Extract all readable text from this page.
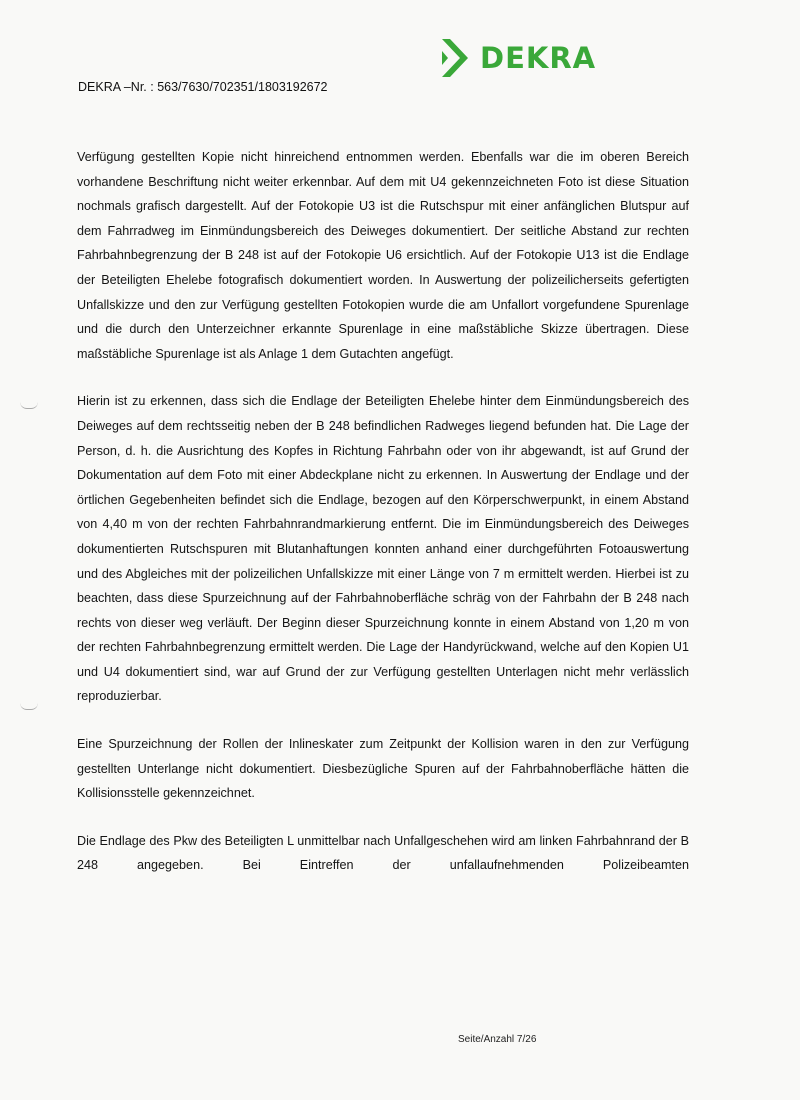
DEKRA
DEKRA –Nr. : 563/7630/702351/1803192672

Verfügung gestellten Kopie nicht hinreichend entnommen werden. Ebenfalls war die im oberen Bereich vorhandene Beschriftung nicht weiter erkennbar. Auf dem mit U4 gekennzeichneten Foto ist diese Situation nochmals grafisch dargestellt. Auf der Fotokopie U3 ist die Rutschspur mit einer anfänglichen Blutspur auf dem Fahrradweg im Einmündungsbereich des Deiweges dokumentiert. Der seitliche Abstand zur rechten Fahrbahnbegrenzung der B 248 ist auf der Fotokopie U6 ersichtlich. Auf der Fotokopie U13 ist die Endlage der Beteiligten Ehelebe fotografisch dokumentiert worden. In Auswertung der polizeilicherseits gefertigten Unfallskizze und den zur Verfügung gestellten Fotokopien wurde die am Unfallort vorgefundene Spurenlage und die durch den Unterzeichner erkannte Spurenlage in eine maßstäbliche Skizze übertragen. Diese maßstäbliche Spurenlage ist als Anlage 1 dem Gutachten angefügt.

Hierin ist zu erkennen, dass sich die Endlage der Beteiligten Ehelebe hinter dem Einmündungsbereich des Deiweges auf dem rechtsseitig neben der B 248 befindlichen Radweges liegend befunden hat. Die Lage der Person, d. h. die Ausrichtung des Kopfes in Richtung Fahrbahn oder von ihr abgewandt, ist auf Grund der Dokumentation auf dem Foto mit einer Abdeckplane nicht zu erkennen. In Auswertung der Endlage und der örtlichen Gegebenheiten befindet sich die Endlage, bezogen auf den Körperschwerpunkt, in einem Abstand von 4,40 m von der rechten Fahrbahnrandmarkierung entfernt. Die im Einmündungsbereich des Deiweges dokumentierten Rutschspuren mit Blutanhaftungen konnten anhand einer durchgeführten Fotoauswertung und des Abgleiches mit der polizeilichen Unfallskizze mit einer Länge von 7 m ermittelt werden. Hierbei ist zu beachten, dass diese Spurzeichnung auf der Fahrbahnoberfläche schräg von der Fahrbahn der B 248 nach rechts von dieser weg verläuft. Der Beginn dieser Spurzeichnung konnte in einem Abstand von 1,20 m von der rechten Fahrbahnbegrenzung ermittelt werden. Die Lage der Handyrückwand, welche auf den Kopien U1 und U4 dokumentiert sind, war auf Grund der zur Verfügung gestellten Unterlagen nicht mehr verlässlich reproduzierbar.

Eine Spurzeichnung der Rollen der Inlineskater zum Zeitpunkt der Kollision waren in den zur Verfügung gestellten Unterlange nicht dokumentiert. Diesbezügliche Spuren auf der Fahrbahnoberfläche hätten die Kollisionsstelle gekennzeichnet.

Die Endlage des Pkw des Beteiligten L unmittelbar nach Unfallgeschehen wird am linken Fahrbahnrand der B 248 angegeben. Bei Eintreffen der unfallaufnehmenden Polizeibeamten

Seite/Anzahl 7/26
